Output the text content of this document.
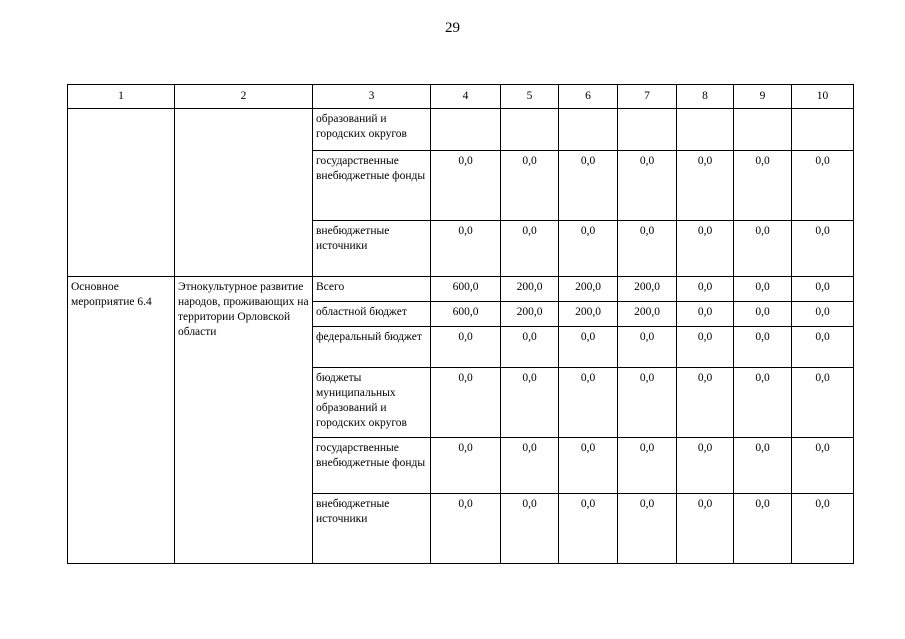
29
1	2	3	4	5	6	7	8	9	10
		образований и городских округов							
		государственные внебюджетные фонды	0,0	0,0	0,0	0,0	0,0	0,0	0,0
		внебюджетные источники	0,0	0,0	0,0	0,0	0,0	0,0	0,0
Основное мероприятие 6.4	Этнокультурное развитие народов, проживающих на территории Орловской области	Всего	600,0	200,0	200,0	200,0	0,0	0,0	0,0
		областной бюджет	600,0	200,0	200,0	200,0	0,0	0,0	0,0
		федеральный бюджет	0,0	0,0	0,0	0,0	0,0	0,0	0,0
		бюджеты муниципальных образований и городских округов	0,0	0,0	0,0	0,0	0,0	0,0	0,0
		государственные внебюджетные фонды	0,0	0,0	0,0	0,0	0,0	0,0	0,0
		внебюджетные источники	0,0	0,0	0,0	0,0	0,0	0,0	0,0
